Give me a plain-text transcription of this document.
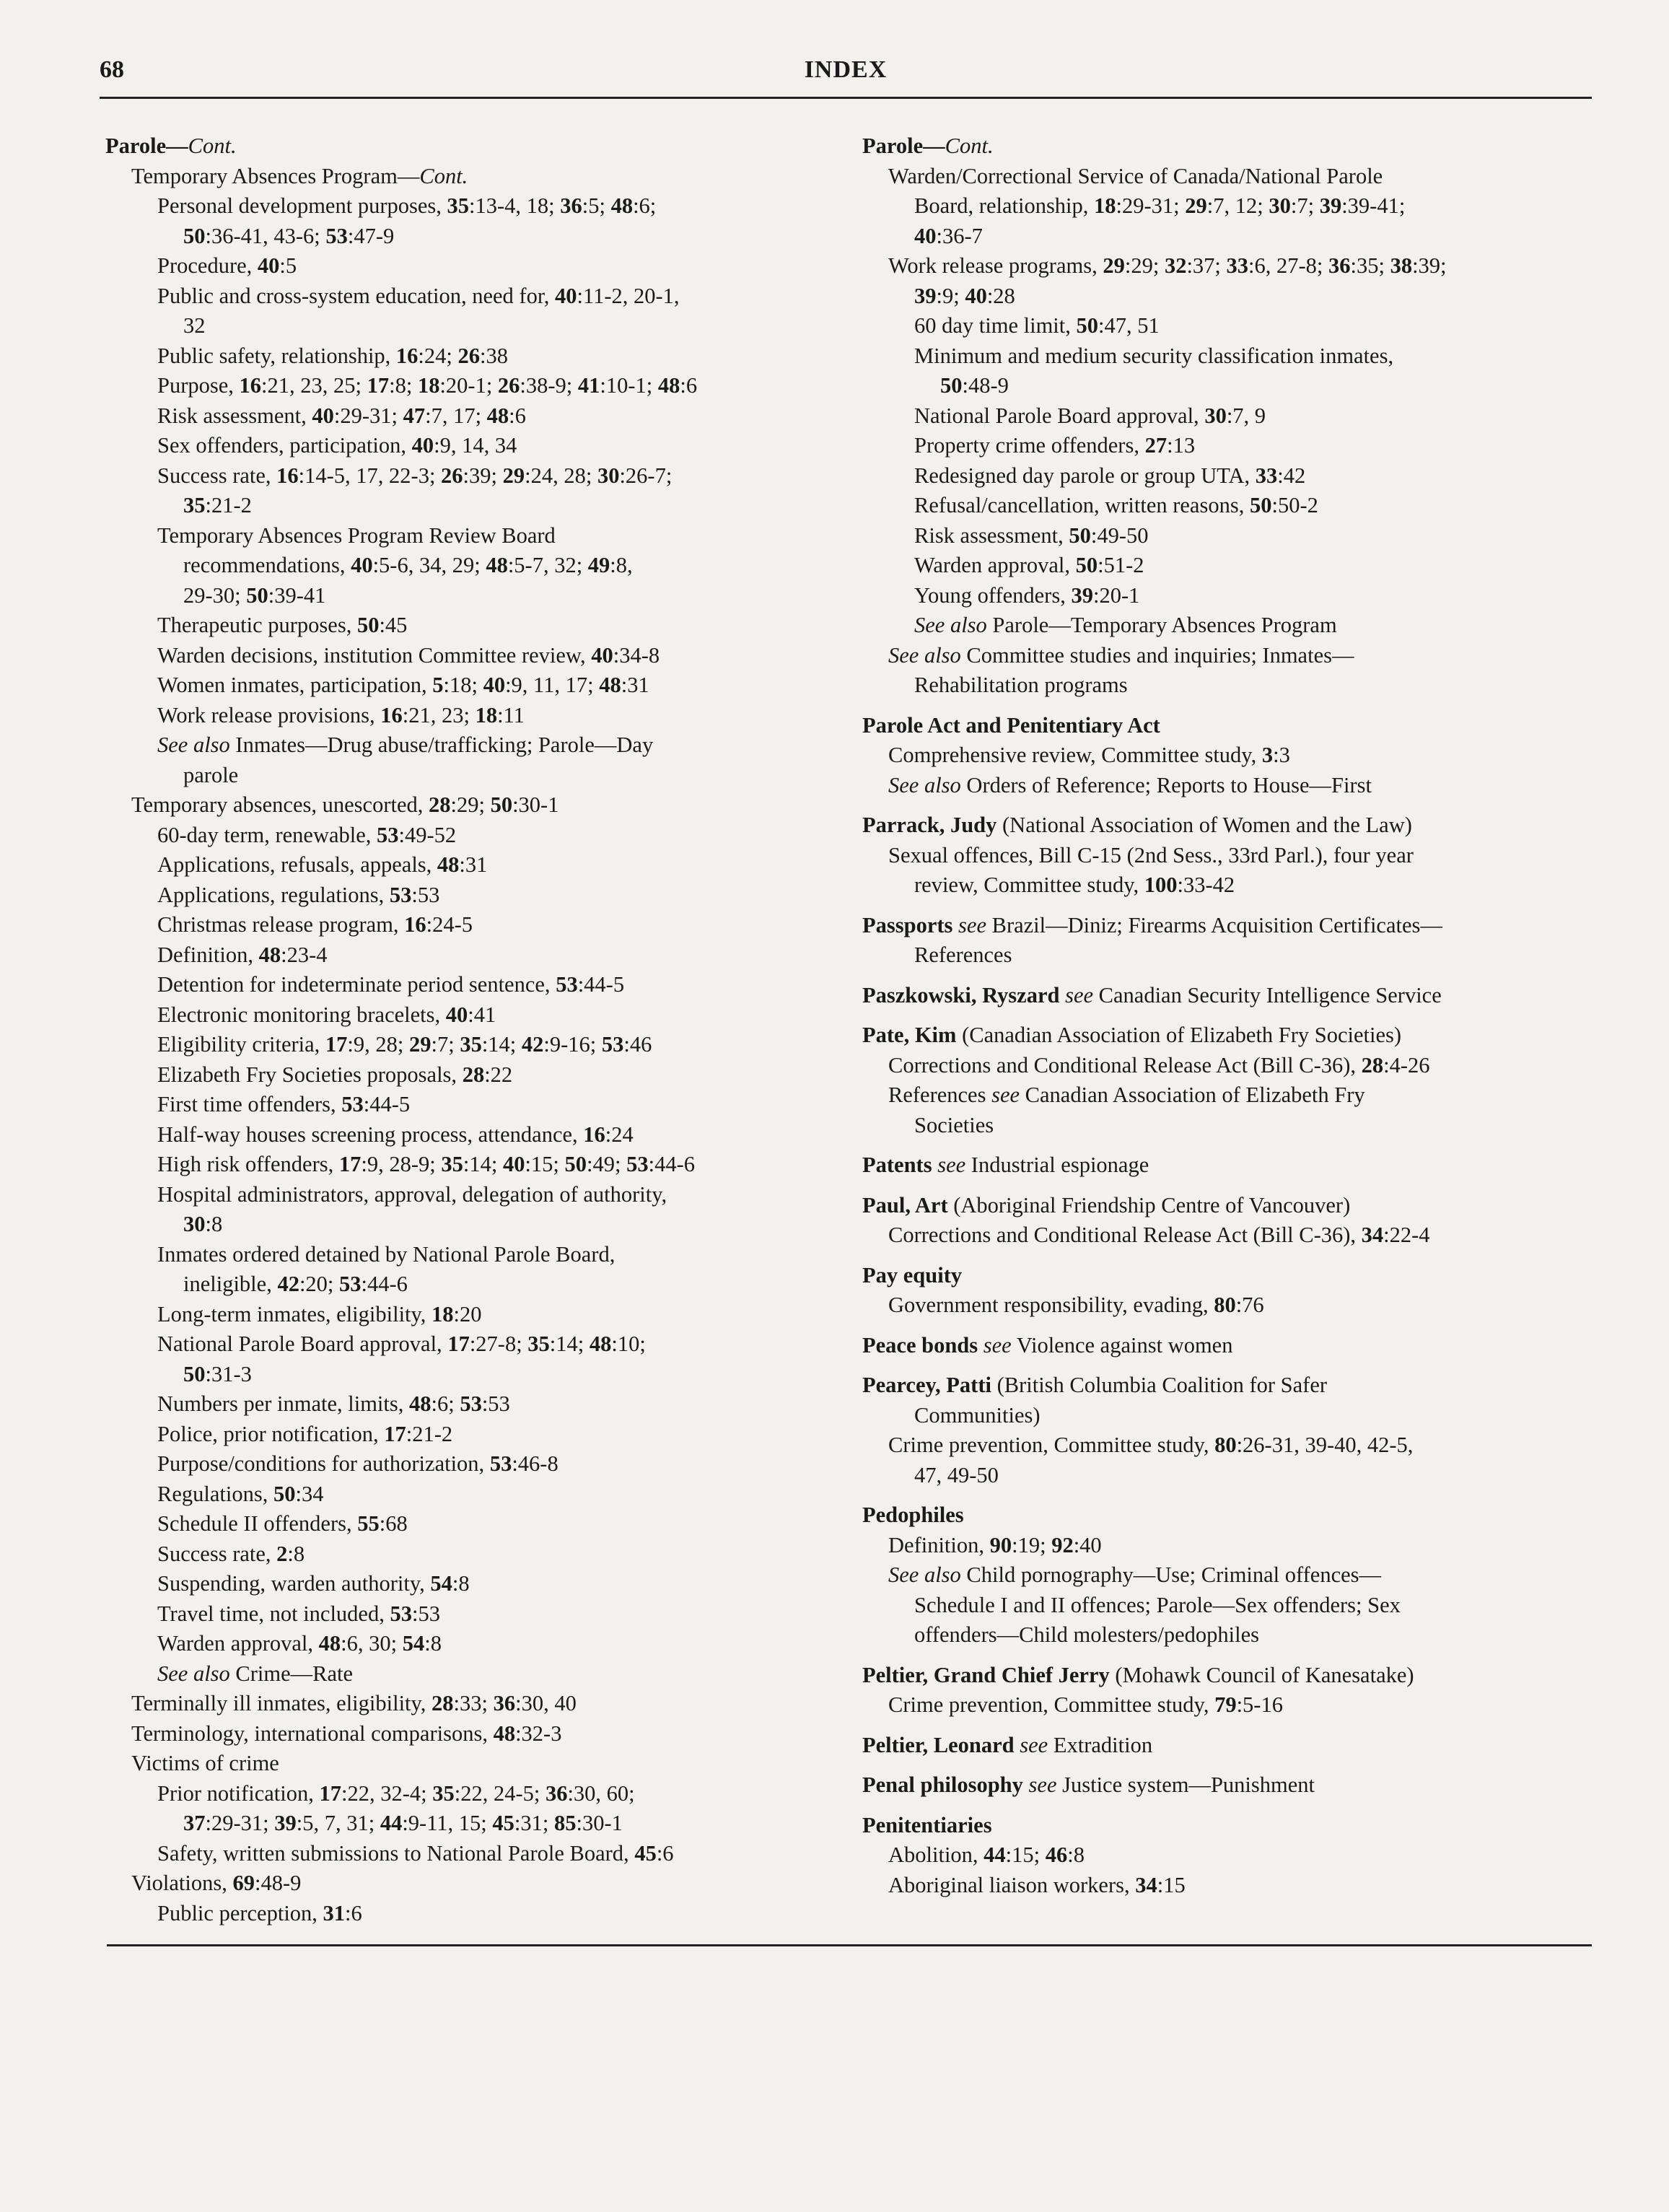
68	INDEX
Parole—Cont.
Temporary Absences Program—Cont.
Personal development purposes, 35:13-4, 18; 36:5; 48:6;
50:36-41, 43-6; 53:47-9
Procedure, 40:5
Public and cross-system education, need for, 40:11-2, 20-1,
32
Public safety, relationship, 16:24; 26:38
Purpose, 16:21, 23, 25; 17:8; 18:20-1; 26:38-9; 41:10-1; 48:6
Risk assessment, 40:29-31; 47:7, 17; 48:6
Sex offenders, participation, 40:9, 14, 34
Success rate, 16:14-5, 17, 22-3; 26:39; 29:24, 28; 30:26-7;
35:21-2
Temporary Absences Program Review Board
recommendations, 40:5-6, 34, 29; 48:5-7, 32; 49:8,
29-30; 50:39-41
Therapeutic purposes, 50:45
Warden decisions, institution Committee review, 40:34-8
Women inmates, participation, 5:18; 40:9, 11, 17; 48:31
Work release provisions, 16:21, 23; 18:11
See also Inmates—Drug abuse/trafficking; Parole—Day
parole
Temporary absences, unescorted, 28:29; 50:30-1
60-day term, renewable, 53:49-52
Applications, refusals, appeals, 48:31
Applications, regulations, 53:53
Christmas release program, 16:24-5
Definition, 48:23-4
Detention for indeterminate period sentence, 53:44-5
Electronic monitoring bracelets, 40:41
Eligibility criteria, 17:9, 28; 29:7; 35:14; 42:9-16; 53:46
Elizabeth Fry Societies proposals, 28:22
First time offenders, 53:44-5
Half-way houses screening process, attendance, 16:24
High risk offenders, 17:9, 28-9; 35:14; 40:15; 50:49; 53:44-6
Hospital administrators, approval, delegation of authority,
30:8
Inmates ordered detained by National Parole Board,
ineligible, 42:20; 53:44-6
Long-term inmates, eligibility, 18:20
National Parole Board approval, 17:27-8; 35:14; 48:10;
50:31-3
Numbers per inmate, limits, 48:6; 53:53
Police, prior notification, 17:21-2
Purpose/conditions for authorization, 53:46-8
Regulations, 50:34
Schedule II offenders, 55:68
Success rate, 2:8
Suspending, warden authority, 54:8
Travel time, not included, 53:53
Warden approval, 48:6, 30; 54:8
See also Crime—Rate
Terminally ill inmates, eligibility, 28:33; 36:30, 40
Terminology, international comparisons, 48:32-3
Victims of crime
Prior notification, 17:22, 32-4; 35:22, 24-5; 36:30, 60;
37:29-31; 39:5, 7, 31; 44:9-11, 15; 45:31; 85:30-1
Safety, written submissions to National Parole Board, 45:6
Violations, 69:48-9
Public perception, 31:6
Parole—Cont.
Warden/Correctional Service of Canada/National Parole
Board, relationship, 18:29-31; 29:7, 12; 30:7; 39:39-41;
40:36-7
Work release programs, 29:29; 32:37; 33:6, 27-8; 36:35; 38:39;
39:9; 40:28
60 day time limit, 50:47, 51
Minimum and medium security classification inmates,
50:48-9
National Parole Board approval, 30:7, 9
Property crime offenders, 27:13
Redesigned day parole or group UTA, 33:42
Refusal/cancellation, written reasons, 50:50-2
Risk assessment, 50:49-50
Warden approval, 50:51-2
Young offenders, 39:20-1
See also Parole—Temporary Absences Program
See also Committee studies and inquiries; Inmates—
Rehabilitation programs
Parole Act and Penitentiary Act
Comprehensive review, Committee study, 3:3
See also Orders of Reference; Reports to House—First
Parrack, Judy (National Association of Women and the Law)
Sexual offences, Bill C-15 (2nd Sess., 33rd Parl.), four year
review, Committee study, 100:33-42
Passports see Brazil—Diniz; Firearms Acquisition Certificates—
References
Paszkowski, Ryszard see Canadian Security Intelligence Service
Pate, Kim (Canadian Association of Elizabeth Fry Societies)
Corrections and Conditional Release Act (Bill C-36), 28:4-26
References see Canadian Association of Elizabeth Fry
Societies
Patents see Industrial espionage
Paul, Art (Aboriginal Friendship Centre of Vancouver)
Corrections and Conditional Release Act (Bill C-36), 34:22-4
Pay equity
Government responsibility, evading, 80:76
Peace bonds see Violence against women
Pearcey, Patti (British Columbia Coalition for Safer
Communities)
Crime prevention, Committee study, 80:26-31, 39-40, 42-5,
47, 49-50
Pedophiles
Definition, 90:19; 92:40
See also Child pornography—Use; Criminal offences—
Schedule I and II offences; Parole—Sex offenders; Sex
offenders—Child molesters/pedophiles
Peltier, Grand Chief Jerry (Mohawk Council of Kanesatake)
Crime prevention, Committee study, 79:5-16
Peltier, Leonard see Extradition
Penal philosophy see Justice system—Punishment
Penitentiaries
Abolition, 44:15; 46:8
Aboriginal liaison workers, 34:15
